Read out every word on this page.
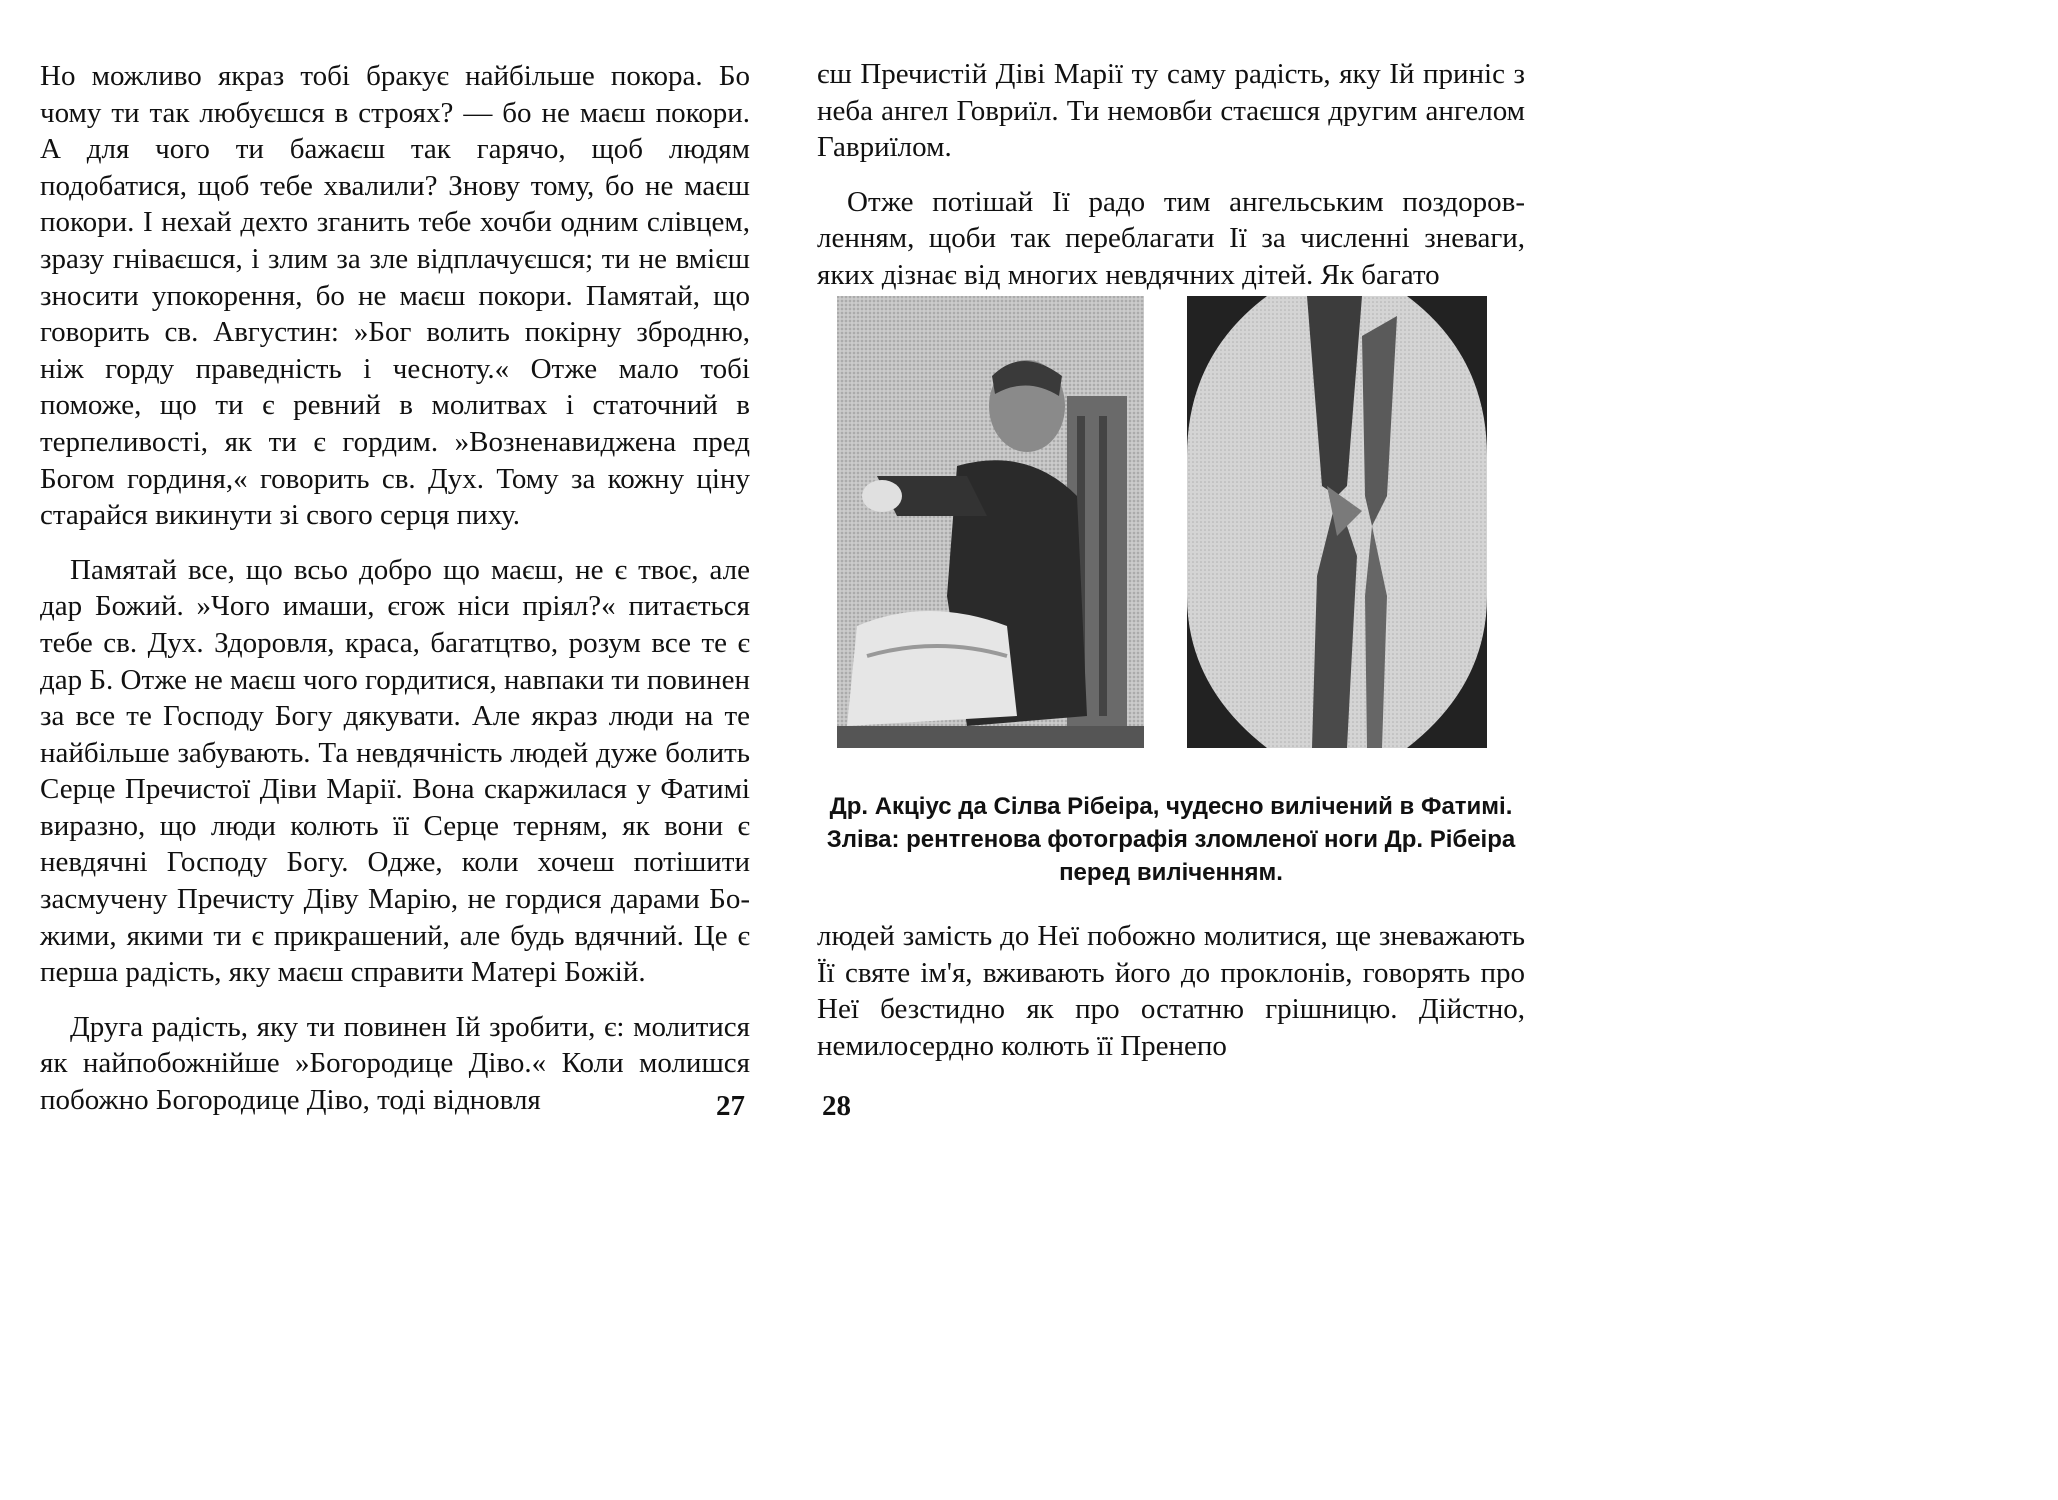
Но можливо якраз тобі бракує найбільше покора. Бо чому ти так любуєшся в строях? — бо не маєш покори. А для чого ти бажаєш так гарячо, щоб людям подобатися, щоб тебе хвалили? Знову тому, бо не маєш покори. І нехай дехто зганить тебе хочби одним слівцем, зразу гніваєшся, і злим за зле відплачуєшся; ти не вмієш зносити упокорення, бо не маєш покори. Памятай, що говорить св. Августин: »Бог волить покірну збродню, ніж горду праведність і чесноту.« Отже мало тобі поможе, що ти є ревний в молитвах і статочний в терпеливості, як ти є гордим. »Возненавиджена пред Богом гординя,« говорить св. Дух. Тому за кожну ціну старайся викинути зі свого серця пиху.

Памятай все, що всьо добро що маєш, не є твоє, але дар Божий. »Чого имаши, єгож ніси пріял?« питається тебе св. Дух. Здоровля, краса, багатцтво, розум все те є дар Б. Отже не маєш чого гордитися, навпаки ти повинен за все те Господу Богу дякувати. Але якраз люди на те найбільше забувають. Та невдячність людей дуже болить Серце Пречистої Діви Марії. Вона скаржилася у Фатимі виразно, що люди колють її Серце терням, як вони є невдячні Господу Богу. Одже, коли хочеш потішити засмучену Пречисту Діву Марію, не гордися дарами Божими, якими ти є прикрашений, але будь вдячний. Це є перша радість, яку маєш справити Матері Божій.

Друга радість, яку ти повинен Ій зробити, є: молитися як найпобожнійше »Богородице Діво.« Коли молишся побожно Богородице Діво, тоді відновля	27

єш Пречистій Діві Марії ту саму радість, яку Ій приніс з неба ангел Говриїл. Ти немовби стаєшся другим ангелом Гавриїлом.

Отже потішай Ії радо тим ангельським поздоровленням, щоби так переблагати Ії за численні зневаги, яких дізнає від многих невдячних дітей. Як багато

Др. Акціус да Сілва Рібеіра, чудесно вилічений в Фатимі. Зліва: рентгенова фотографія зломленої ноги Др. Рібеіра перед виліченням.

людей замість до Неї побожно молитися, ще зневажають Її святе ім'я, вживають його до проклонів, говорять про Неї безстидно як про остатню грішницю. Дійстно, немилосердно колють її Пренепо

28
